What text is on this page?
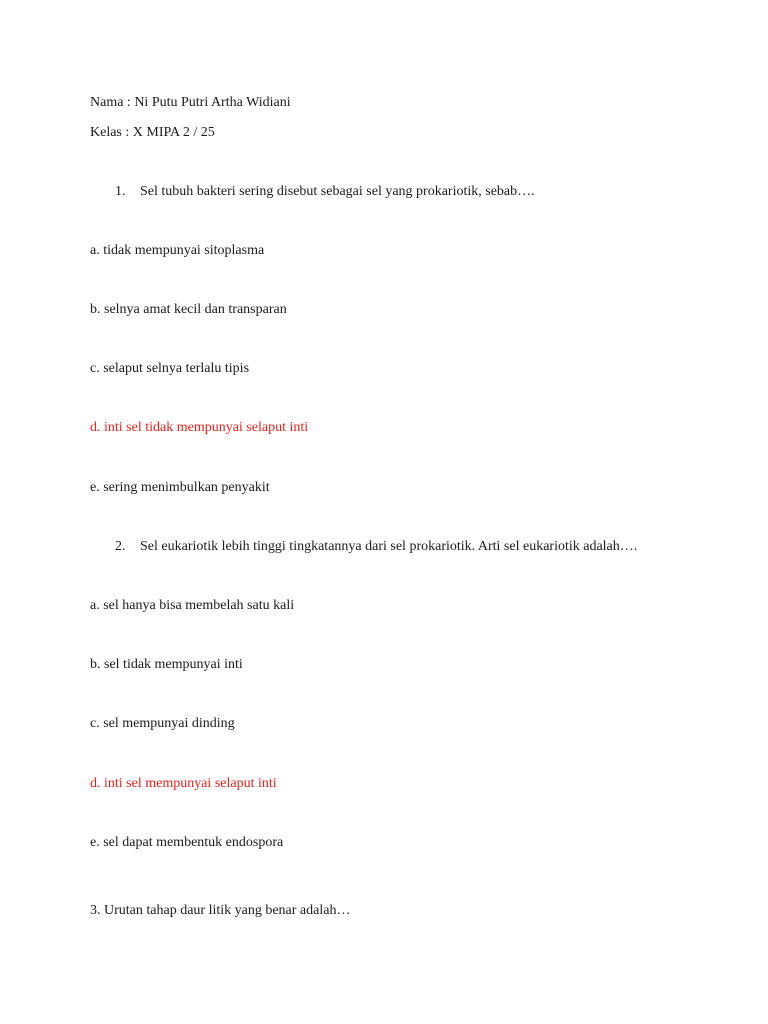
Nama : Ni Putu Putri Artha Widiani
Kelas : X MIPA 2 / 25
1. Sel tubuh bakteri sering disebut sebagai sel yang prokariotik, sebab….
a. tidak mempunyai sitoplasma
b. selnya amat kecil dan transparan
c. selaput selnya terlalu tipis
d. inti sel tidak mempunyai selaput inti
e. sering menimbulkan penyakit
2. Sel eukariotik lebih tinggi tingkatannya dari sel prokariotik. Arti sel eukariotik adalah….
a. sel hanya bisa membelah satu kali
b. sel tidak mempunyai inti
c. sel mempunyai dinding
d. inti sel mempunyai selaput inti
e. sel dapat membentuk endospora
3. Urutan tahap daur litik yang benar adalah…
